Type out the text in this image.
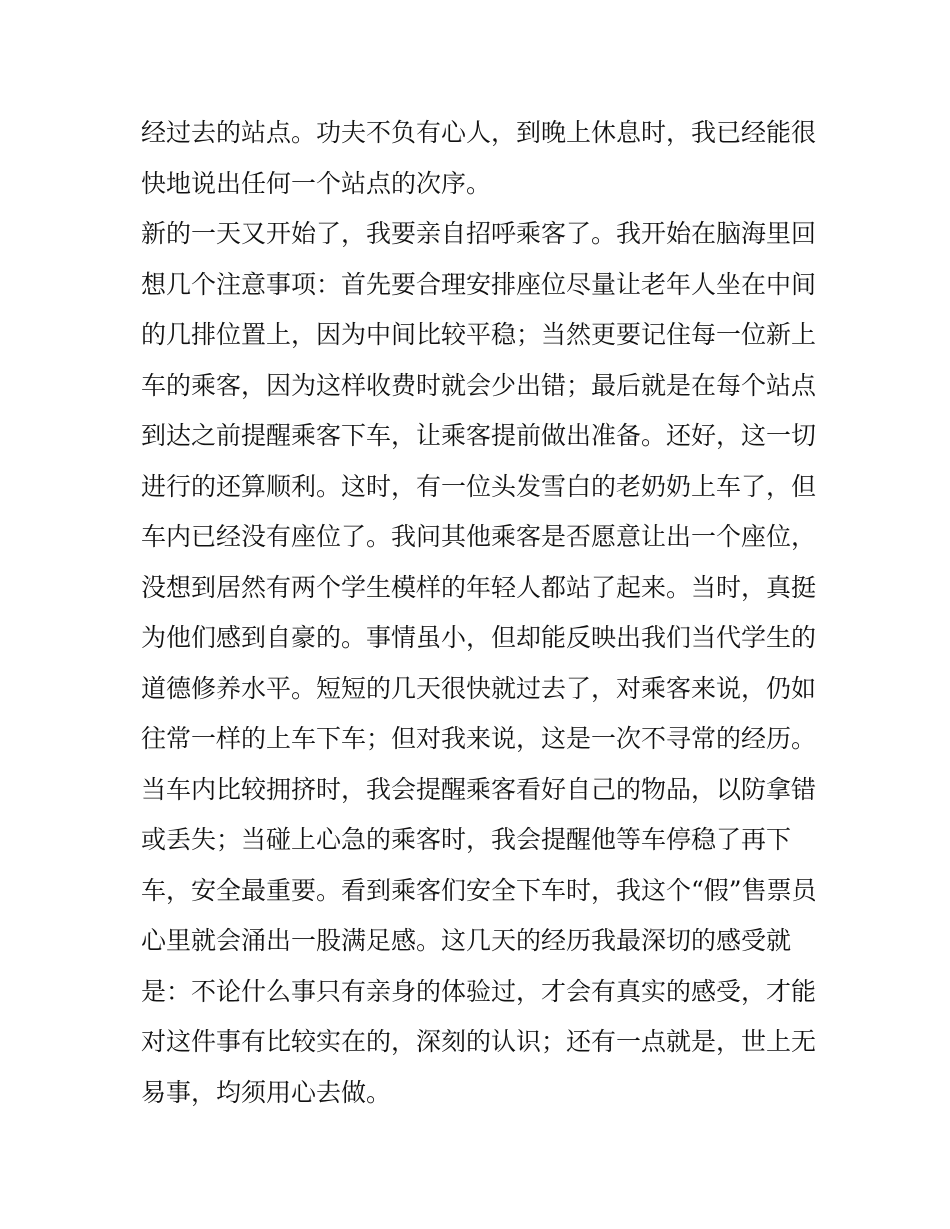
经过去的站点。功夫不负有心人，到晚上休息时，我已经能很
快地说出任何一个站点的次序。
新的一天又开始了，我要亲自招呼乘客了。我开始在脑海里回
想几个注意事项：首先要合理安排座位尽量让老年人坐在中间
的几排位置上，因为中间比较平稳；当然更要记住每一位新上
车的乘客，因为这样收费时就会少出错；最后就是在每个站点
到达之前提醒乘客下车，让乘客提前做出准备。还好，这一切
进行的还算顺利。这时，有一位头发雪白的老奶奶上车了，但
车内已经没有座位了。我问其他乘客是否愿意让出一个座位，
没想到居然有两个学生模样的年轻人都站了起来。当时，真挺
为他们感到自豪的。事情虽小，但却能反映出我们当代学生的
道德修养水平。短短的几天很快就过去了，对乘客来说，仍如
往常一样的上车下车；但对我来说，这是一次不寻常的经历。
当车内比较拥挤时，我会提醒乘客看好自己的物品，以防拿错
或丢失；当碰上心急的乘客时，我会提醒他等车停稳了再下
车，安全最重要。看到乘客们安全下车时，我这个“假”售票员
心里就会涌出一股满足感。这几天的经历我最深切的感受就
是：不论什么事只有亲身的体验过，才会有真实的感受，才能
对这件事有比较实在的，深刻的认识；还有一点就是，世上无
易事，均须用心去做。
